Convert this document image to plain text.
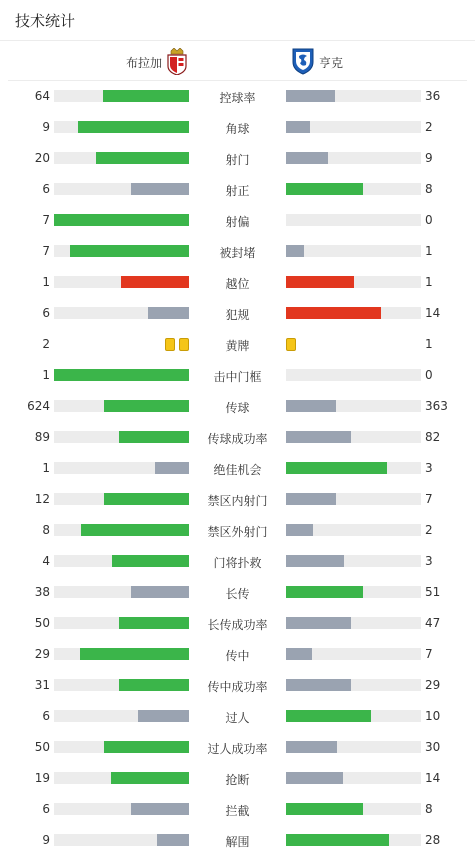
技术统计
布拉加	亨克
64	控球率	36
9	角球	2
20	射门	9
6	射正	8
7	射偏	0
7	被封堵	1
1	越位	1
6	犯规	14
2	黄牌	1
1	击中门框	0
624	传球	363
89	传球成功率	82
1	绝佳机会	3
12	禁区内射门	7
8	禁区外射门	2
4	门将扑救	3
38	长传	51
50	长传成功率	47
29	传中	7
31	传中成功率	29
6	过人	10
50	过人成功率	30
19	抢断	14
6	拦截	8
9	解围	28
